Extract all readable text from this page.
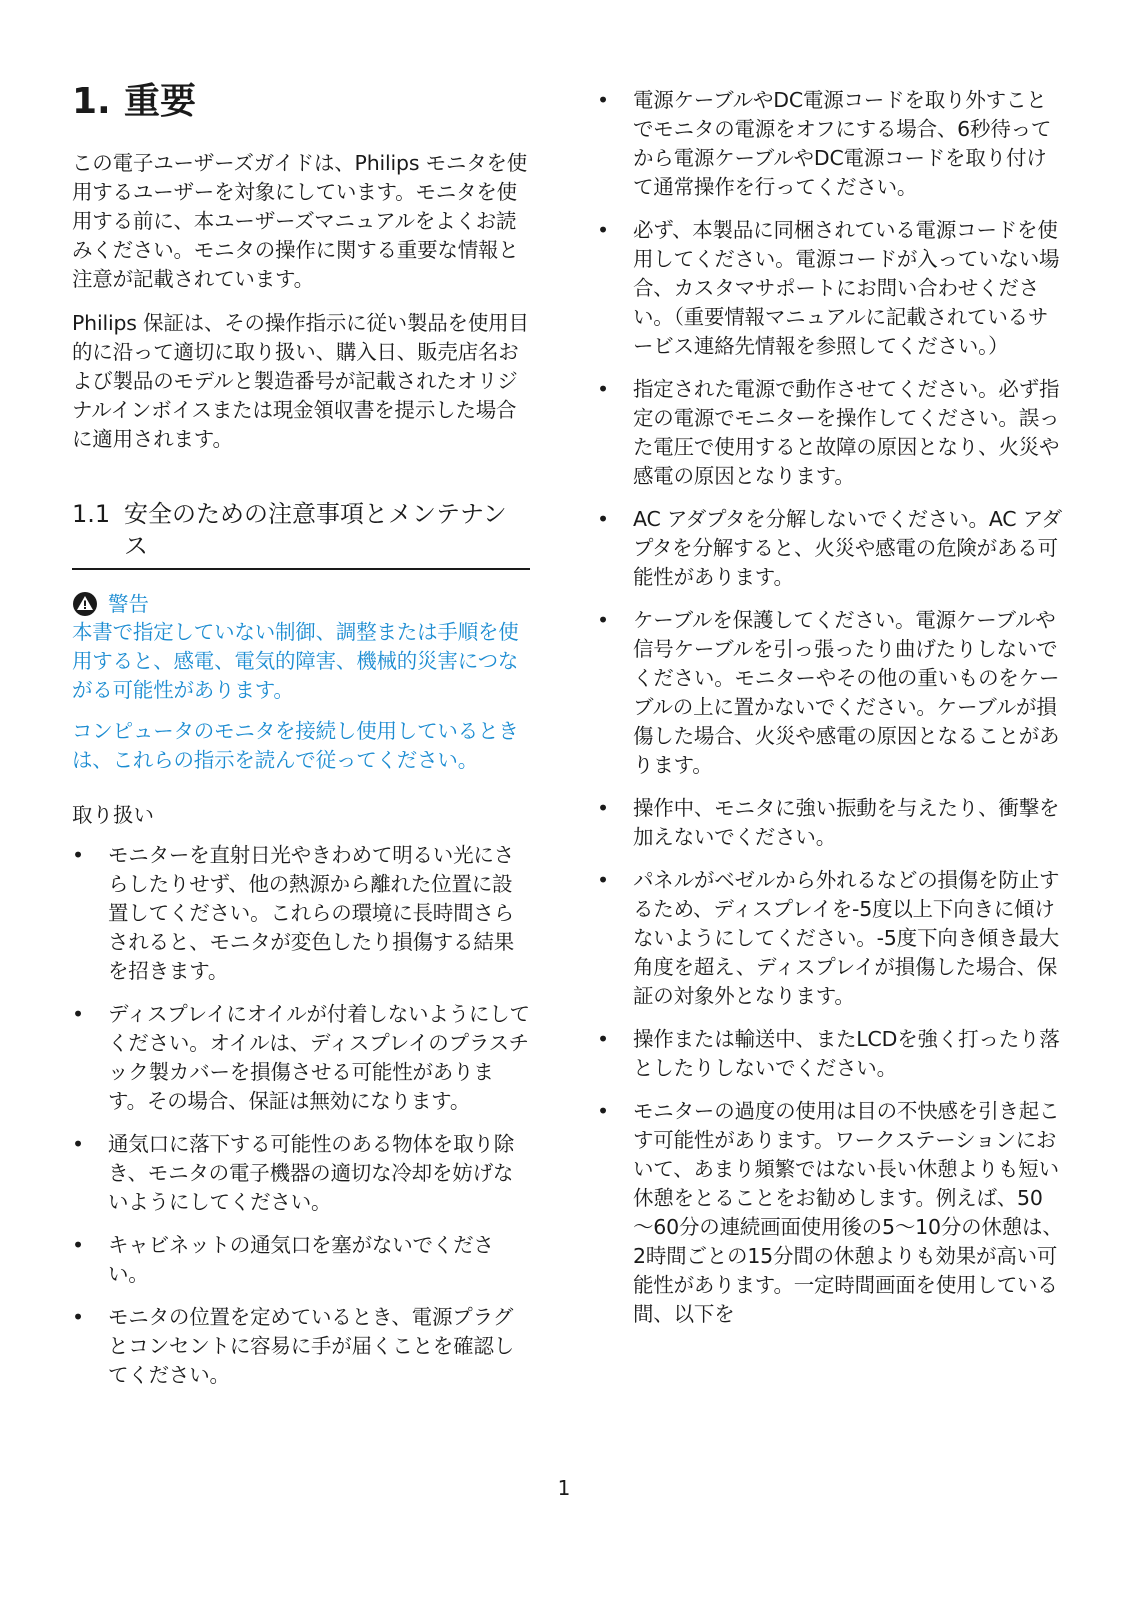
1. 重要

この電子ユーザーズガイドは、Philips モニタを使用するユーザーを対象にしています。モニタを使用する前に、本ユーザーズマニュアルをよくお読みください。モニタの操作に関する重要な情報と注意が記載されています。

Philips 保証は、その操作指示に従い製品を使用目的に沿って適切に取り扱い、購入日、販売店名および製品のモデルと製造番号が記載されたオリジナルインボイスまたは現金領収書を提示した場合に適用されます。

1.1 安全のための注意事項とメンテナンス
警告

本書で指定していない制御、調整または手順を使用すると、感電、電気的障害、機械的災害につながる可能性があります。

コンピュータのモニタを接続し使用しているときは、これらの指示を読んで従ってください。

取り扱い
•	モニターを直射日光やきわめて明るい光にさらしたりせず、他の熱源から離れた位置に設置してください。これらの環境に長時間さらされると、モニタが変色したり損傷する結果を招きます。
•	ディスプレイにオイルが付着しないようにしてください。オイルは、ディスプレイのプラスチック製カバーを損傷させる可能性があります。その場合、保証は無効になります。
•	通気口に落下する可能性のある物体を取り除き、モニタの電子機器の適切な冷却を妨げないようにしてください。
•	キャビネットの通気口を塞がないでください。
•	モニタの位置を定めているとき、電源プラグとコンセントに容易に手が届くことを確認してください。
•	電源ケーブルやDC電源コードを取り外すことでモニタの電源をオフにする場合、6秒待ってから電源ケーブルやDC電源コードを取り付けて通常操作を行ってください。
•	必ず、本製品に同梱されている電源コードを使用してください。電源コードが入っていない場合、カスタマサポートにお問い合わせください。（重要情報マニュアルに記載されているサービス連絡先情報を参照してください。）
•	指定された電源で動作させてください。必ず指定の電源でモニターを操作してください。誤った電圧で使用すると故障の原因となり、火災や感電の原因となります。
•	AC アダプタを分解しないでください。AC アダプタを分解すると、火災や感電の危険がある可能性があります。
•	ケーブルを保護してください。電源ケーブルや信号ケーブルを引っ張ったり曲げたりしないでください。モニターやその他の重いものをケーブルの上に置かないでください。ケーブルが損傷した場合、火災や感電の原因となることがあります。
•	操作中、モニタに強い振動を与えたり、衝撃を加えないでください。
•	パネルがベゼルから外れるなどの損傷を防止するため、ディスプレイを-5度以上下向きに傾けないようにしてください。-5度下向き傾き最大角度を超え、ディスプレイが損傷した場合、保証の対象外となります。
•	操作または輸送中、またLCDを強く打ったり落としたりしないでください。
•	モニターの過度の使用は目の不快感を引き起こす可能性があります。ワークステーションにおいて、あまり頻繁ではない長い休憩よりも短い休憩をとることをお勧めします。例えば、50～60分の連続画面使用後の5～10分の休憩は、2時間ごとの15分間の休憩よりも効果が高い可能性があります。一定時間画面を使用している間、以下を
1
